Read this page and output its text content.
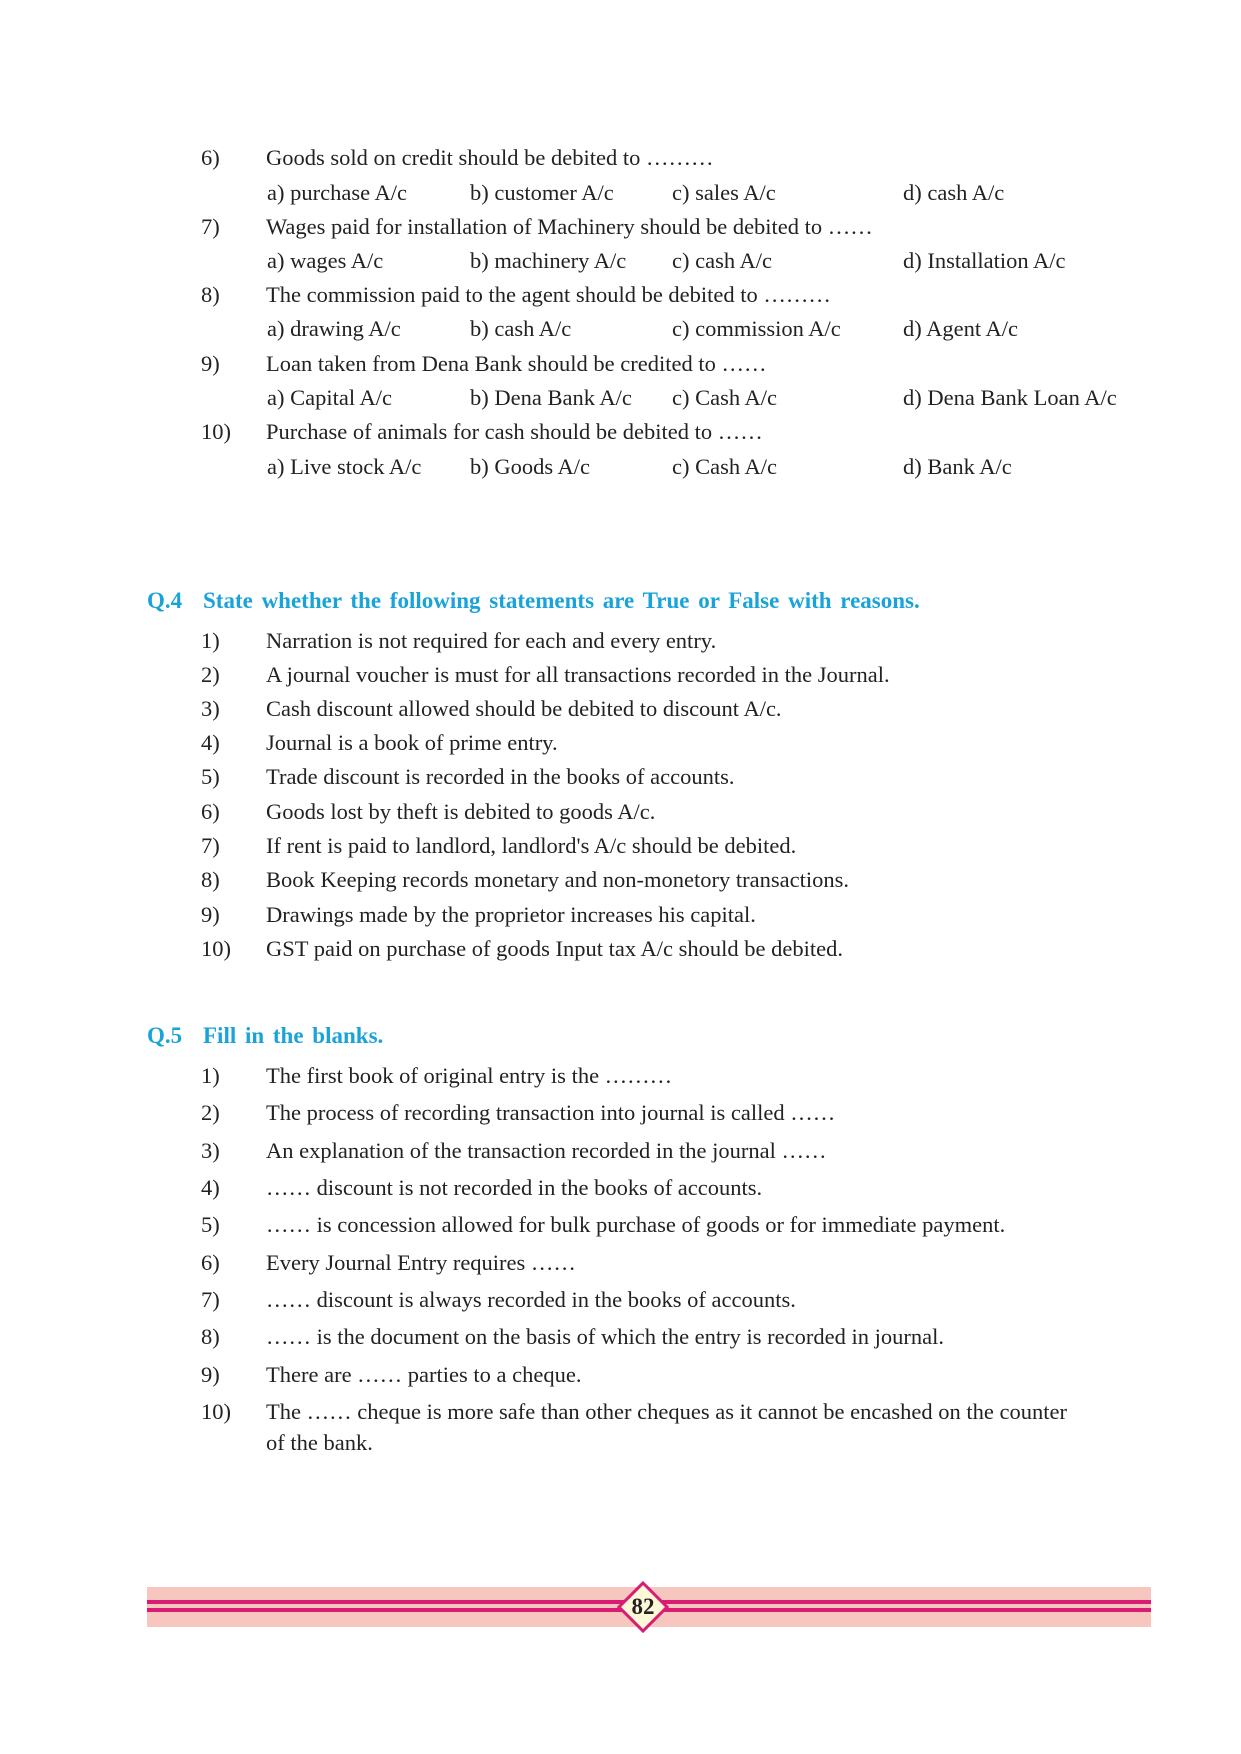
6) Goods sold on credit should be debited to ………
a) purchase A/c	b) customer A/c	c) sales A/c	d) cash A/c
7) Wages paid for installation of Machinery should be debited to ……
a) wages A/c	b) machinery A/c c) cash A/c	d) Installation A/c
8) The commission paid to the agent should be debited to ………
a) drawing A/c	b) cash A/c	c) commission A/c	d) Agent A/c
9) Loan taken from Dena Bank should be credited to ……
a) Capital A/c	b) Dena Bank A/c c) Cash A/c	d) Dena Bank Loan A/c
10) Purchase of animals for cash should be debited to ……
a) Live stock A/c b) Goods A/c	c) Cash A/c	d) Bank A/c
Q.4 State whether the following statements are True or False with reasons.
1) Narration is not required for each and every entry.
2) A journal voucher is must for all transactions recorded in the Journal.
3) Cash discount allowed should be debited to discount A/c.
4) Journal is a book of prime entry.
5) Trade discount is recorded in the books of accounts.
6) Goods lost by theft is debited to goods A/c.
7) If rent is paid to landlord, landlord's A/c should be debited.
8) Book Keeping records monetary and non-monetory transactions.
9) Drawings made by the proprietor increases his capital.
10) GST paid on purchase of goods Input tax A/c should be debited.
Q.5 Fill in the blanks.
1) The first book of original entry is the ………
2) The process of recording transaction into journal is called ……
3) An explanation of the transaction recorded in the journal ……
4) …… discount is not recorded in the books of accounts.
5) …… is concession allowed for bulk purchase of goods or for immediate payment.
6) Every Journal Entry requires ……
7) …… discount is always recorded in the books of accounts.
8) …… is the document on the basis of which the entry is recorded in journal.
9) There are …… parties to a cheque.
10) The …… cheque is more safe than other cheques as it cannot be encashed on the counter
of the bank.
82
